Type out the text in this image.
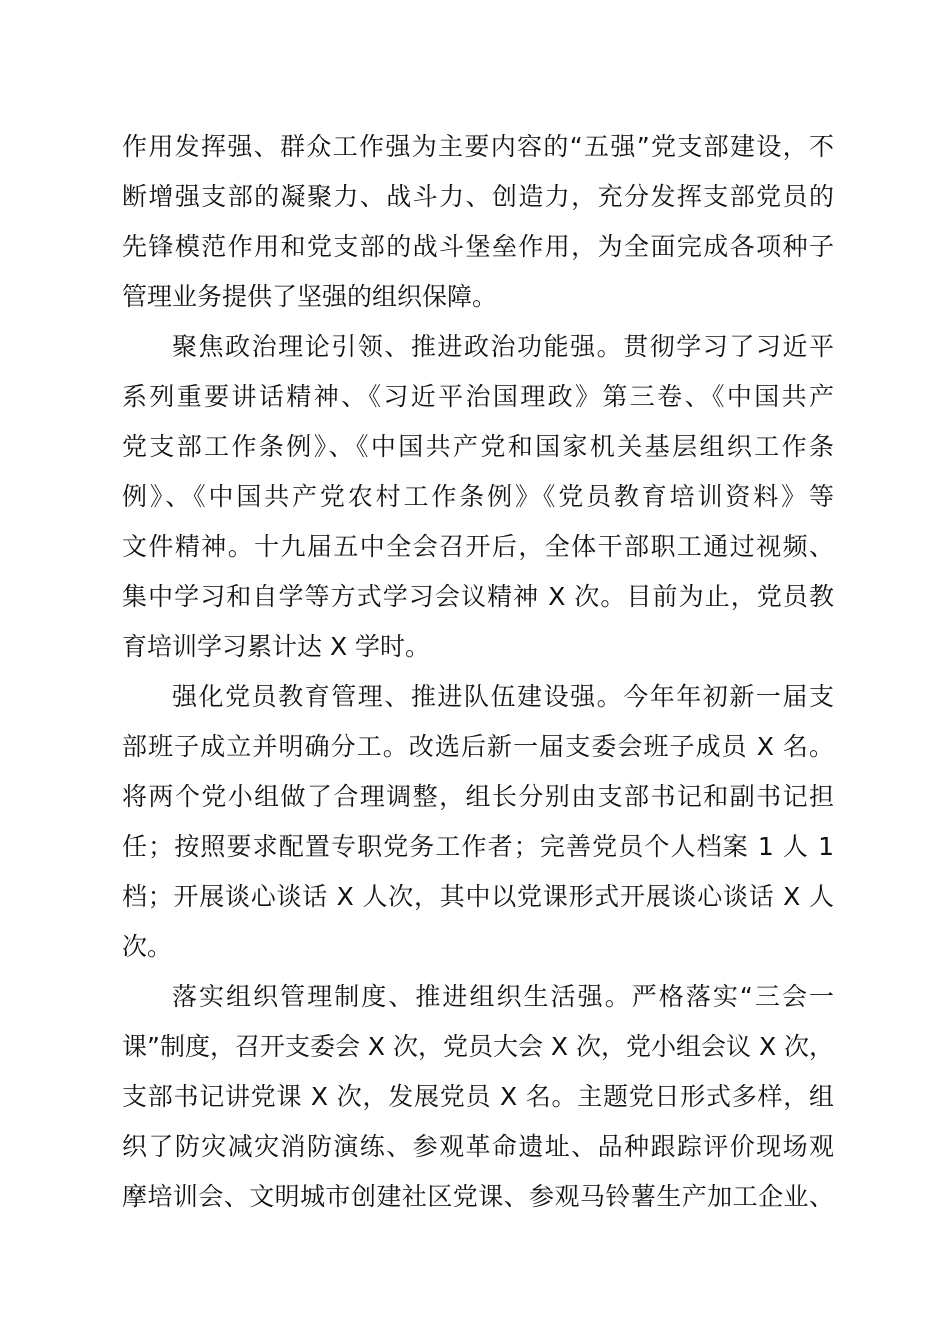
作用发挥强、群众工作强为主要内容的“五强”党支部建设，不
断增强支部的凝聚力、战斗力、创造力，充分发挥支部党员的
先锋模范作用和党支部的战斗堡垒作用，为全面完成各项种子
管理业务提供了坚强的组织保障。
聚焦政治理论引领、推进政治功能强。贯彻学习了习近平
系列重要讲话精神、《习近平治国理政》第三卷、《中国共产
党支部工作条例》、《中国共产党和国家机关基层组织工作条
例》、《中国共产党农村工作条例》《党员教育培训资料》等
文件精神。十九届五中全会召开后，全体干部职工通过视频、
集中学习和自学等方式学习会议精神 X 次。目前为止，党员教
育培训学习累计达 X 学时。
强化党员教育管理、推进队伍建设强。今年年初新一届支
部班子成立并明确分工。改选后新一届支委会班子成员 X 名。
将两个党小组做了合理调整，组长分别由支部书记和副书记担
任；按照要求配置专职党务工作者；完善党员个人档案 1 人 1
档；开展谈心谈话 X 人次，其中以党课形式开展谈心谈话 X 人
次。
落实组织管理制度、推进组织生活强。严格落实“三会一
课”制度，召开支委会 X 次，党员大会 X 次，党小组会议 X 次，
支部书记讲党课 X 次，发展党员 X 名。主题党日形式多样，组
织了防灾减灾消防演练、参观革命遗址、品种跟踪评价现场观
摩培训会、文明城市创建社区党课、参观马铃薯生产加工企业、
